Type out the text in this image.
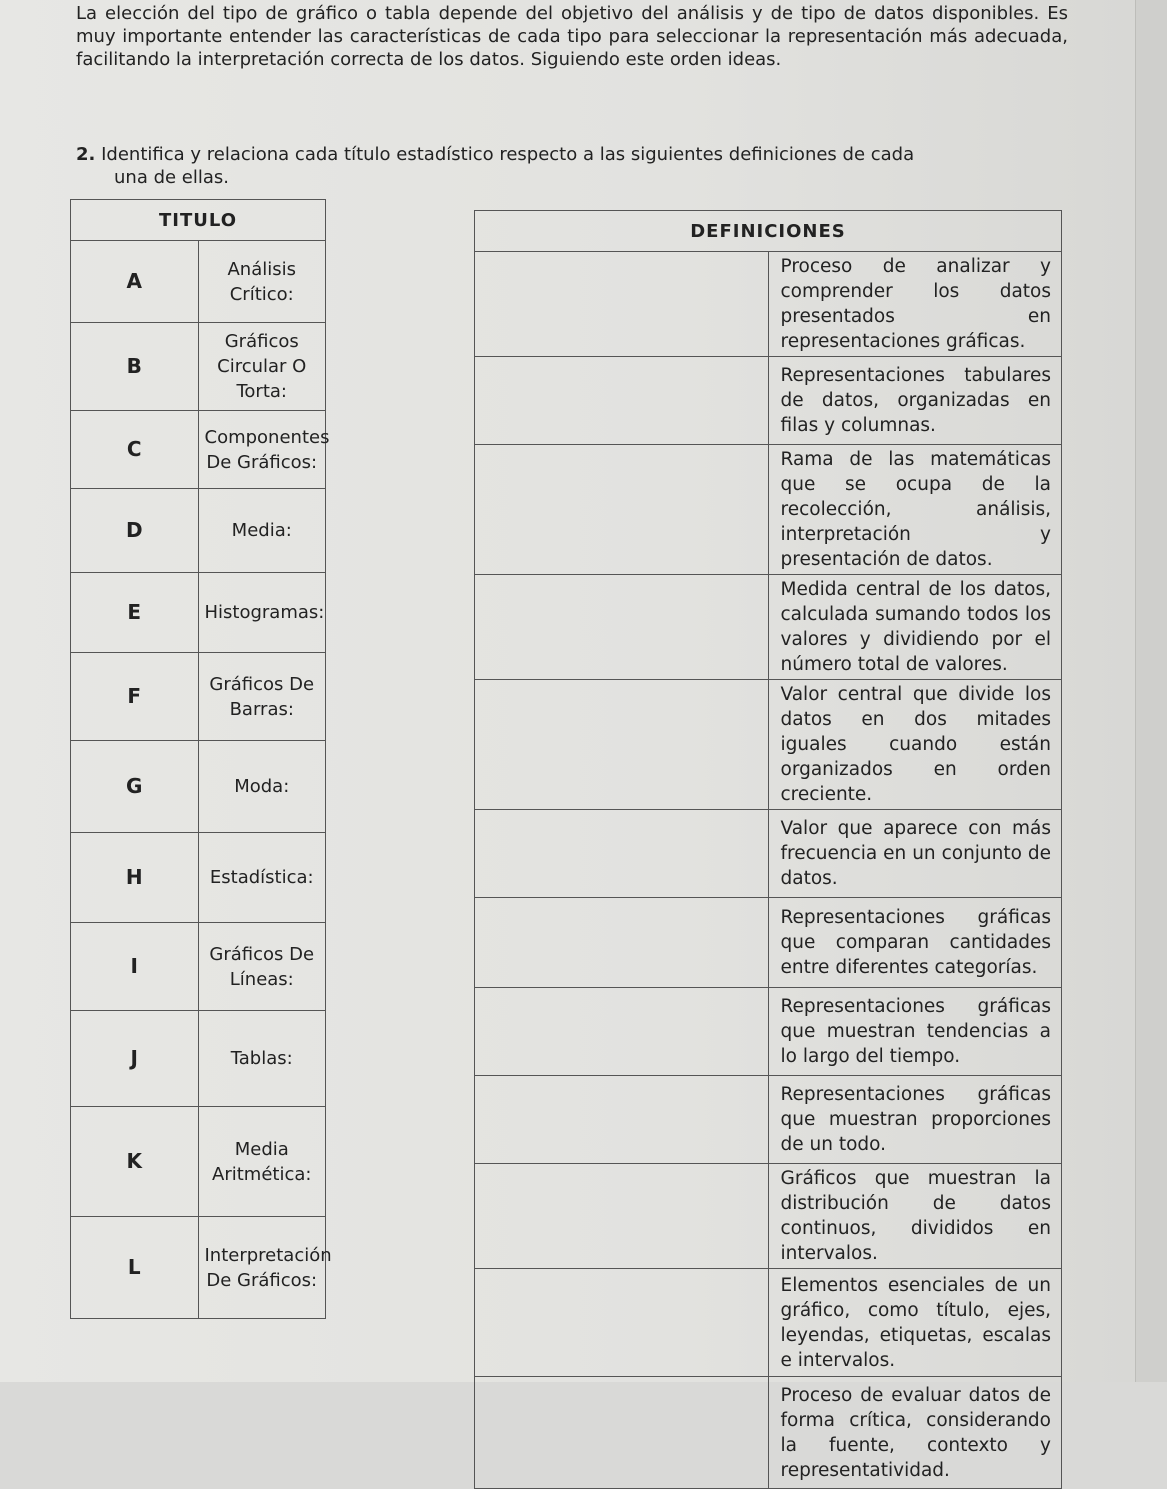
La elección del tipo de gráfico o tabla depende del objetivo del análisis y de tipo de datos disponibles. Es muy importante entender las características de cada tipo para seleccionar la representación más adecuada, facilitando la interpretación correcta de los datos. Siguiendo este orden ideas.

2. Identifica y relaciona cada título estadístico respecto a las siguientes definiciones de cada
una de ellas.

TITULO	
A	Análisis Crítico:
B	Gráficos Circular O Torta:
C	Componentes De Gráficos:
D	Media:
E	Histogramas:
F	Gráficos De Barras:
G	Moda:
H	Estadística:
I	Gráficos De Líneas:
J	Tablas:
K	Media Aritmética:
L	Interpretación De Gráficos:
DEFINICIONES	
	Proceso de analizar y comprender los datos presentados en representaciones gráficas.
	Representaciones tabulares de datos, organizadas en filas y columnas.
	Rama de las matemáticas que se ocupa de la recolección, análisis, interpretación y presentación de datos.
	Medida central de los datos, calculada sumando todos los valores y dividiendo por el número total de valores.
	Valor central que divide los datos en dos mitades iguales cuando están organizados en orden creciente.
	Valor que aparece con más frecuencia en un conjunto de datos.
	Representaciones gráficas que comparan cantidades entre diferentes categorías.
	Representaciones gráficas que muestran tendencias a lo largo del tiempo.
	Representaciones gráficas que muestran proporciones de un todo.
	Gráficos que muestran la distribución de datos continuos, divididos en intervalos.
	Elementos esenciales de un gráfico, como título, ejes, leyendas, etiquetas, escalas e intervalos.
	Proceso de evaluar datos de forma crítica, considerando la fuente, contexto y representatividad.
